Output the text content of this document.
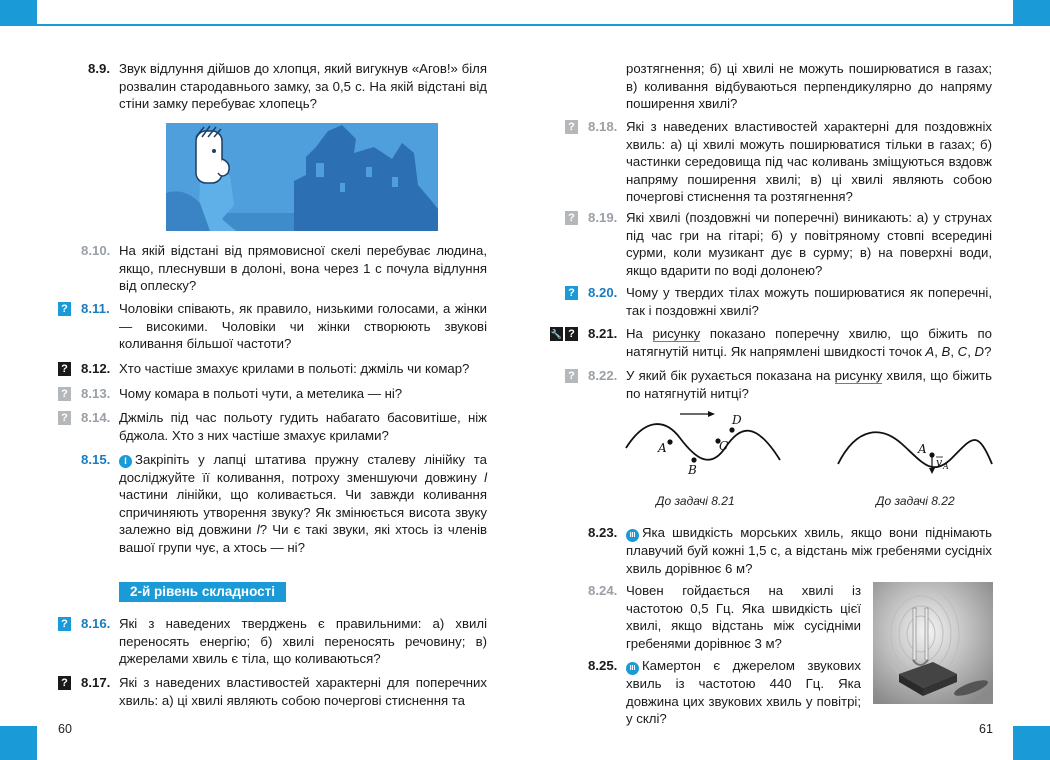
60	61
8.9. Звук відлуння дійшов до хлопця, який вигукнув «Агов!» біля розвалин стародавнього замку, за 0,5 с. На якій відстані від стіни замку перебуває хлопець?
8.10. На якій відстані від прямовисної скелі перебуває людина, якщо, плеснувши в долоні, вона через 1 с почула відлуння від оплеску?
? 8.11. Чоловіки співають, як правило, низькими голосами, а жінки — високими. Чоловіки чи жінки створюють звукові коливання більшої частоти?
? 8.12. Хто частіше змахує крилами в польоті: джміль чи комар?
? 8.13. Чому комара в польоті чути, а метелика — ні?
? 8.14. Джміль під час польоту гудить набагато басовитіше, ніж бджола. Хто з них частіше змахує крилами?
8.15.	І Закріпіть у лапці штатива пружну сталеву лінійку та досліджуйте її коливання, потроху зменшуючи довжину l частини лінійки, що коливається. Чи завжди коливання спричиняють утворення звуку? Як змінюється висота звуку залежно від довжини l? Чи є такі звуки, які хтось із членів вашої групи чує, а хтось — ні?
2-й рівень складності
? 8.16. Які з наведених тверджень є правильними: а) хвилі переносять енергію; б) хвилі переносять речовину; в) джерелами хвиль є тіла, що коливаються?
? 8.17. Які з наведених властивостей характерні для поперечних хвиль: а) ці хвилі являють собою почергові стиснення та
розтягнення; б) ці хвилі не можуть поширюватися в газах; в) коливання відбуваються перпендикулярно до напряму поширення хвилі?
? 8.18. Які з наведених властивостей характерні для поздовжніх хвиль: а) ці хвилі можуть поширюватися тільки в газах; б) частинки середовища під час коливань зміщуються вздовж напряму поширення хвилі; в) ці хвилі являють собою почергові стиснення та розтягнення?
? 8.19. Які хвилі (поздовжні чи поперечні) виникають: а) у струнах під час гри на гітарі; б) у повітряному стовпі всередині сурми, коли музикант дує в сурму; в) на поверхні води, якщо вдарити по воді долонею?
? 8.20. Чому у твердих тілах можуть поширюватися як поперечні, так і поздовжні хвилі?
🔧 ? 8.21. На рисунку показано поперечну хвилю, що біжить по натягнутій нитці. Як напрямлені швидкості точок A, B, C, D?
? 8.22. У який бік рухається показана на рисунку хвиля, що біжить по натягнутій нитці?
A
B
C
D
A
v A
До задачі 8.21	До задачі 8.22
8.23.	ІІІ Яка швидкість морських хвиль, якщо вони піднімають плавучий буй кожні 1,5 с, а відстань між гребенями сусідніх хвиль дорівнює 6 м?
8.24. Човен гойдається на хвилі із частотою 0,5 Гц. Яка швидкість цієї хвилі, якщо відстань між сусідніми гребенями дорівнює 3 м?
8.25.	ІІІ Камертон є джерелом звукових хвиль із частотою 440 Гц. Яка довжина цих звукових хвиль у повітрі; у склі?
